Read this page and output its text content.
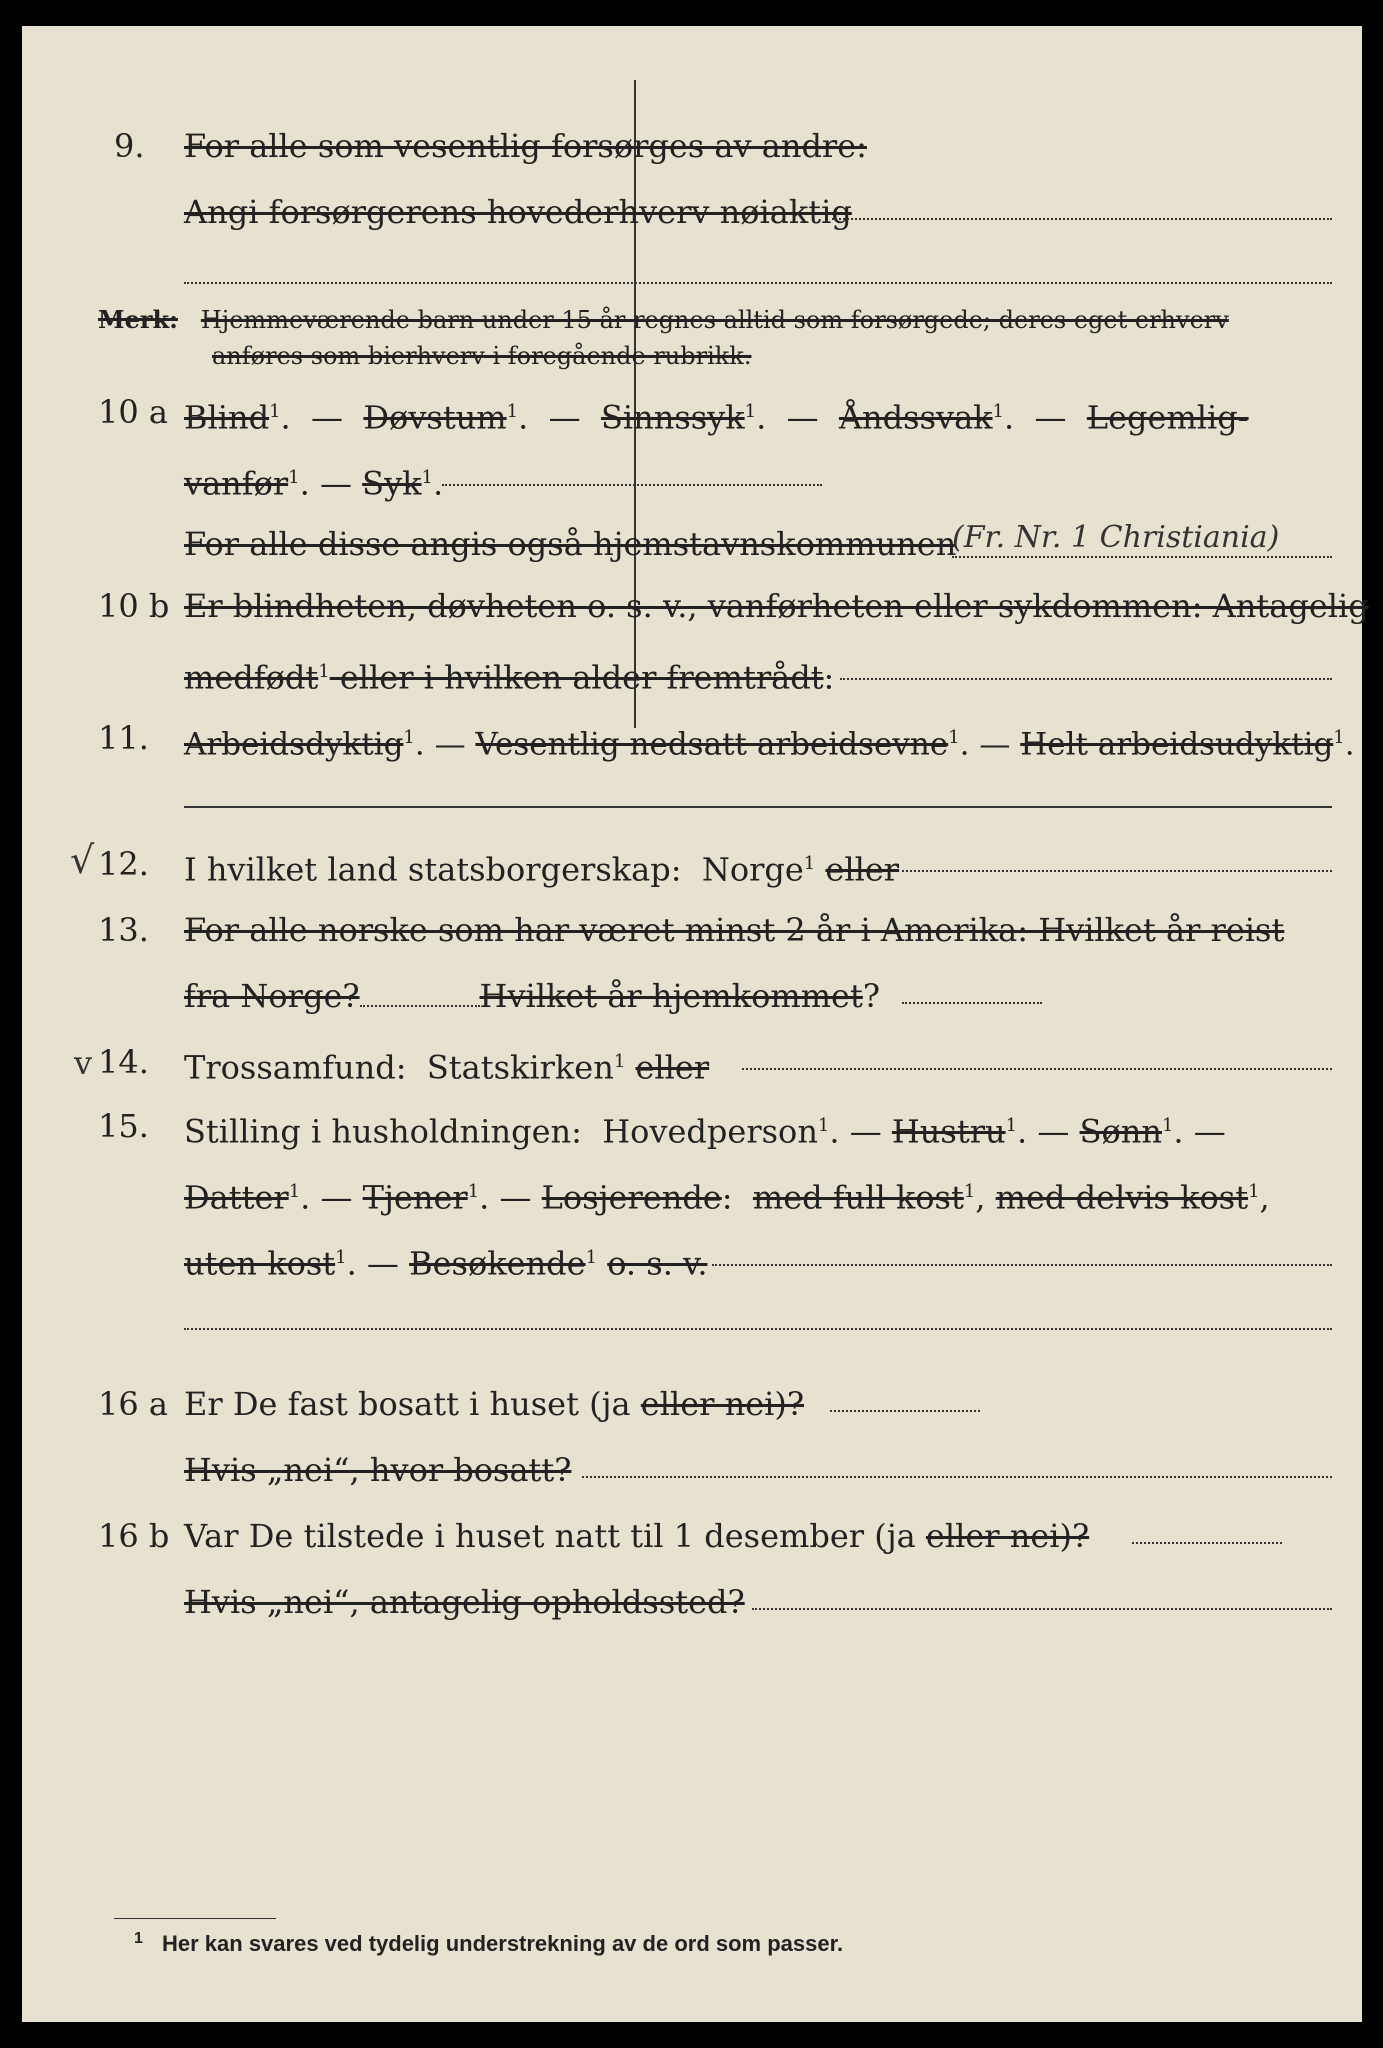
9. For alle som vesentlig forsørges av andre:
Angi forsørgerens hovederhverv nøiaktig
Merk: Hjemmeværende barn under 15 år regnes alltid som forsørgede; deres eget erhverv
anføres som bierhverv i foregående rubrikk.
10 a Blind$^1$.  —  Døvstum$^1$.  —  Sinnssyk$^1$.  —  Åndssvak$^1$.  —  Legemlig-
vanfør$^1$. — Syk$^1$.
For alle disse angis også hjemstavnskommunen
(Fr. Nr. 1 Christiania)
10 b Er blindheten, døvheten o. s. v., vanførheten eller sykdommen: Antagelig
medfødt$^1$ eller i hvilken alder fremtrådt:
11. Arbeidsdyktig$^1$. — Vesentlig nedsatt arbeidsevne$^1$. — Helt arbeidsudyktig$^1$.
√ 12. I hvilket land statsborgerskap: Norge$^1$ eller
13. For alle norske som har været minst 2 år i Amerika: Hvilket år reist
fra Norge?	Hvilket år hjemkommet?
v 14. Trossamfund: Statskirken$^1$ eller
15. Stilling i husholdningen: Hovedperson$^1$. — Hustru$^1$. — Sønn$^1$. —
Datter$^1$. — Tjener$^1$. — Losjerende:  med full kost$^1$, med delvis kost$^1$,
uten kost$^1$. — Besøkende$^1$ o. s. v.
16 a Er De fast bosatt i huset (ja eller nei)?
Hvis „nei“, hvor bosatt?
16 b Var De tilstede i huset natt til 1 desember (ja eller nei)?
Hvis „nei“, antagelig opholdssted?
1 Her kan svares ved tydelig understrekning av de ord som passer.
